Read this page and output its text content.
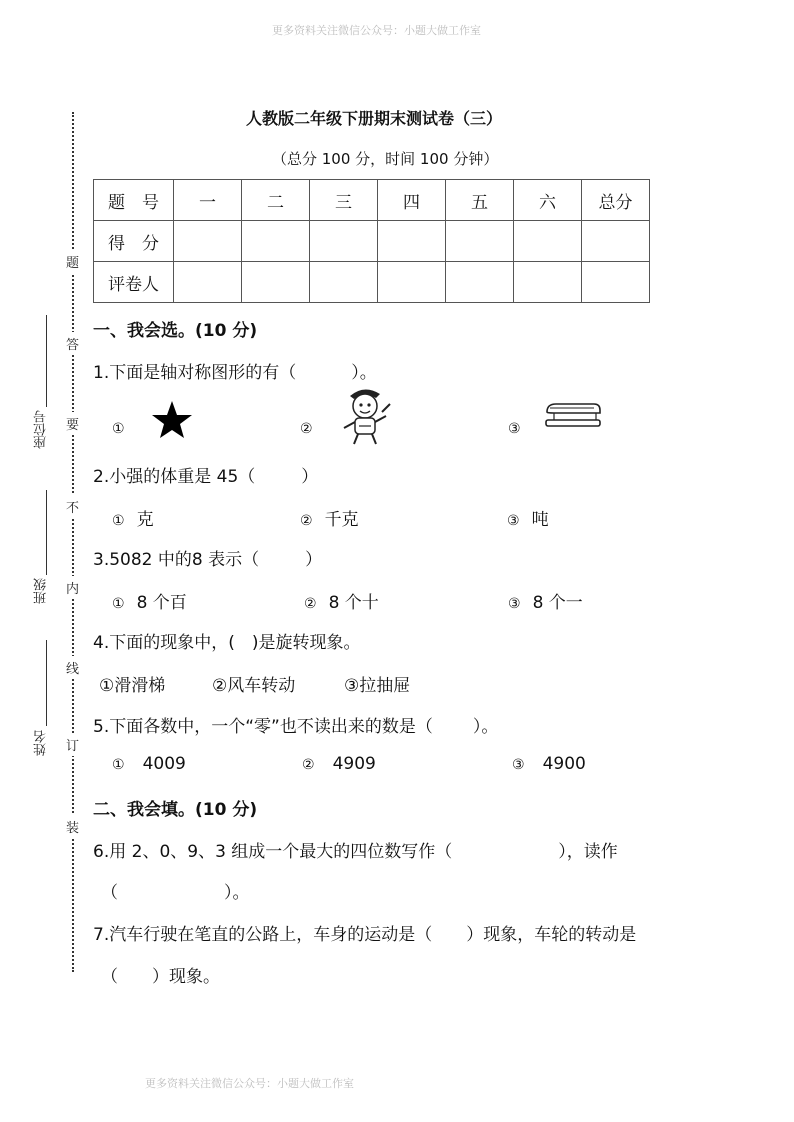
更多资料关注微信公众号：小题大做工作室
更多资料关注微信公众号：小题大做工作室
题
答
要
不
内
线
订
装
座位号
班级
姓名
人教版二年级下册期末测试卷（三）
（总分 100 分，时间 100 分钟）
题　号	一	二	三	四	五	六	总分
得　分							
评卷人							
一、我会选。(10 分)
1.下面是轴对称图形的有（	）。
①	②	③
2.小强的体重是 45（	）
① 克	② 千克	③ 吨
3.5082 中的8 表示（	）
① 8 个百	② 8 个十	③ 8 个一
4.下面的现象中，(　)是旋转现象。
①滑滑梯	②风车转动	③拉抽屉
5.下面各数中，一个“零”也不读出来的数是（ ）。
① 4009	② 4909	③ 4900
二、我会填。(10 分)
6.用 2、0、9、3 组成一个最大的四位数写作（	），读作
（	）。
7.汽车行驶在笔直的公路上，车身的运动是（　　）现象，车轮的转动是
（　　）现象。
